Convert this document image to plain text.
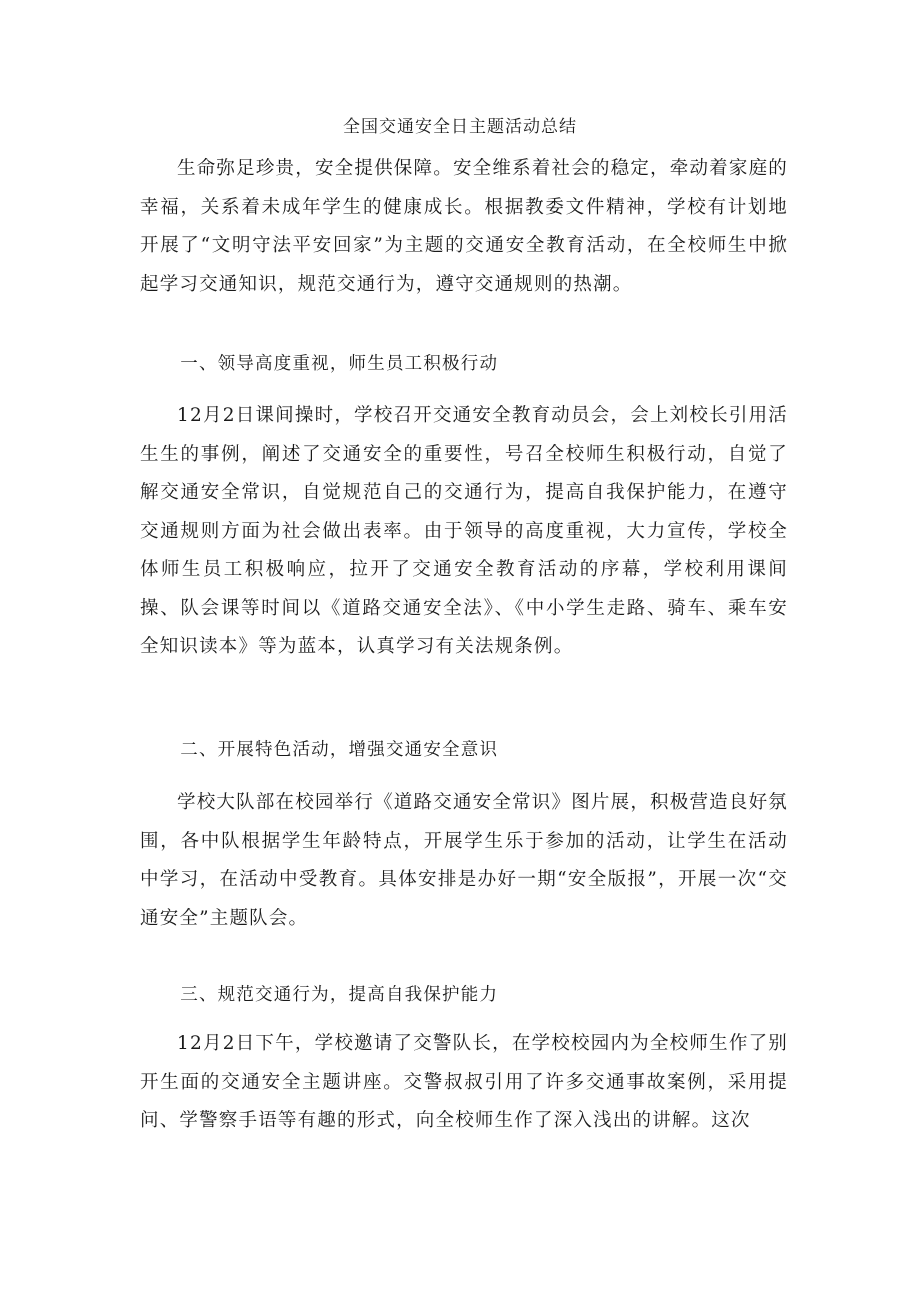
全国交通安全日主题活动总结

生命弥足珍贵，安全提供保障。安全维系着社会的稳定，牵动着家庭的幸福，关系着未成年学生的健康成长。根据教委文件精神，学校有计划地开展了“文明守法平安回家”为主题的交通安全教育活动，在全校师生中掀起学习交通知识，规范交通行为，遵守交通规则的热潮。

一、领导高度重视，师生员工积极行动

12月2日课间操时，学校召开交通安全教育动员会，会上刘校长引用活生生的事例，阐述了交通安全的重要性，号召全校师生积极行动，自觉了解交通安全常识，自觉规范自己的交通行为，提高自我保护能力，在遵守交通规则方面为社会做出表率。由于领导的高度重视，大力宣传，学校全体师生员工积极响应，拉开了交通安全教育活动的序幕，学校利用课间操、队会课等时间以《道路交通安全法》、《中小学生走路、骑车、乘车安全知识读本》等为蓝本，认真学习有关法规条例。

二、开展特色活动，增强交通安全意识

学校大队部在校园举行《道路交通安全常识》图片展，积极营造良好氛围，各中队根据学生年龄特点，开展学生乐于参加的活动，让学生在活动中学习，在活动中受教育。具体安排是办好一期“安全版报”，开展一次“交通安全”主题队会。

三、规范交通行为，提高自我保护能力

12月2日下午，学校邀请了交警队长，在学校校园内为全校师生作了别开生面的交通安全主题讲座。交警叔叔引用了许多交通事故案例，采用提问、学警察手语等有趣的形式，向全校师生作了深入浅出的讲解。这次
